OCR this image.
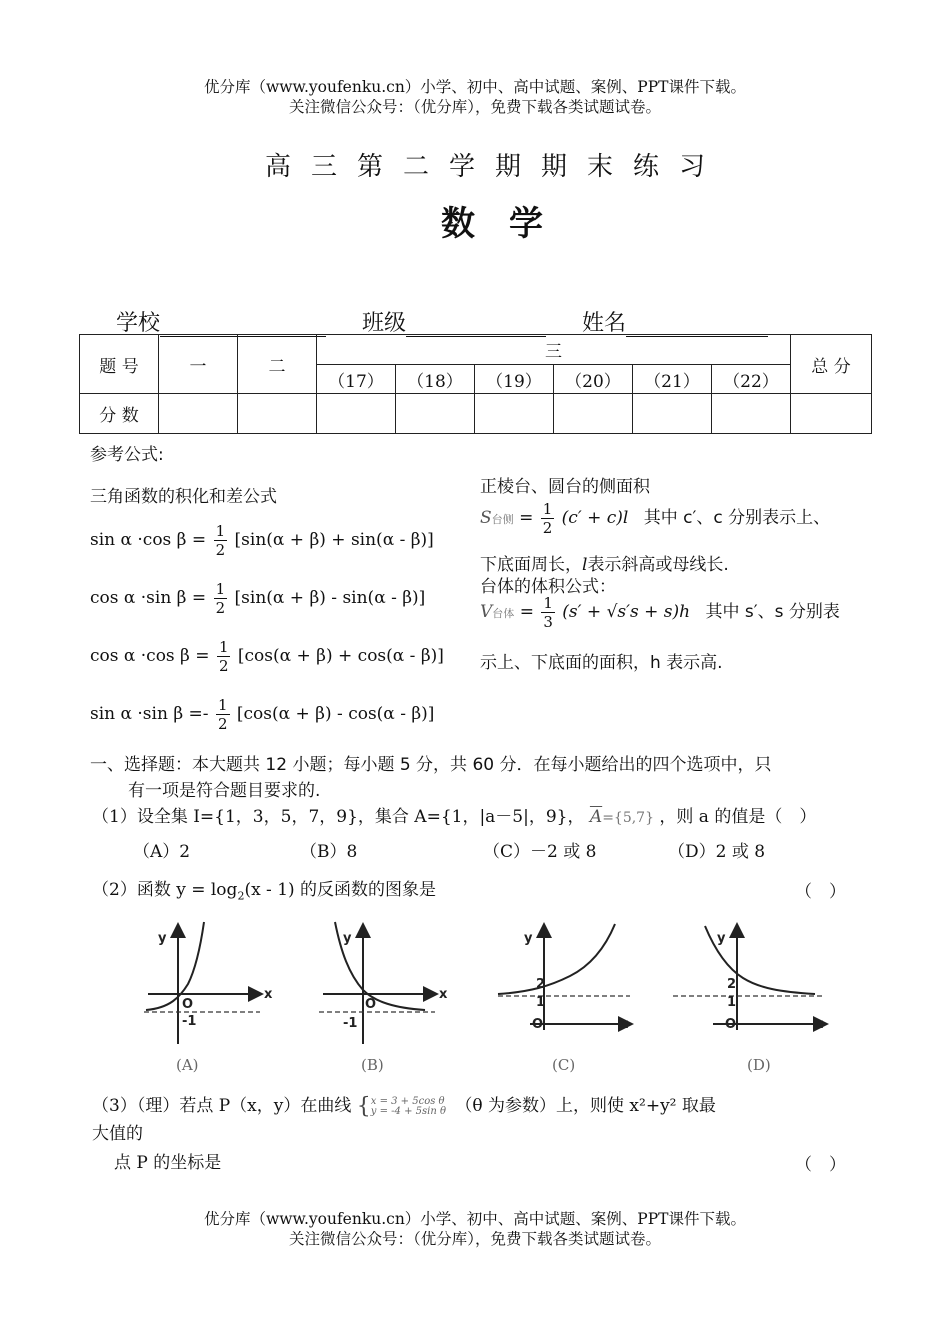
优分库（www.youfenku.cn）小学、初中、高中试题、案例、PPT课件下载。
关注微信公众号：（优分库），免费下载各类试题试卷。
高三第二学期期末练习
数学
学校	班级	姓名
题 号	一	二	三						总 分
			（17）	（18）	（19）	（20）	（21）	（22）	
分 数									
参考公式:
三角函数的积化和差公式
sin α ·cos $\beta = \frac{1}{2} [\sin(\alpha + \beta) + \sin(\alpha - \beta)]$
cos α ·sin $\beta = \frac{1}{2} [\sin(\alpha + \beta) - \sin(\alpha - \beta)]$
cos α ·cos $\beta = \frac{1}{2} [\cos(\alpha + \beta) + \cos(\alpha - \beta)]$
sin α ·sin $\beta =- \frac{1}{2} [\cos(\alpha + \beta) - \cos(\alpha - \beta)]$
正棱台、圆台的侧面积
S台侧 = $\frac{1}{2} (c' + c)l$ 其中 c′、c 分别表示上、
下底面周长，l表示斜高或母线长.
台体的体积公式：
V台体 = $\frac{1}{3} (s' + √s's + s)h$ 其中 s′、s 分别表
示上、下底面的面积，h 表示高.
一、选择题：本大题共 12 小题；每小题 5 分，共 60 分．在每小题给出的四个选项中，只
有一项是符合题目要求的.
（1）设全集 I={1，3，5，7，9}，集合 A={1，|a－5|，9}， $\overline{A}=\{5,7\}$ ，则 a 的值是（　）
（A）2	（B）8	（C）－2 或 8	（D）2 或 8
（2）函数 $y = \log_2(x - 1)$ 的反函数的图象是	（　）
y
x
O
-1
(A)
y
x
O
-1
(B)
y
x
O
1
2
(C)
y
x
O
1
2
(D)
（3）（理）若点 P（x，y）在曲线 { x = 3 + 5cos θ
y = -4 + 5sin θ （θ 为参数）上，则使 x²+y² 取最
大值的
点 P 的坐标是	（　）
优分库（www.youfenku.cn）小学、初中、高中试题、案例、PPT课件下载。
关注微信公众号：（优分库），免费下载各类试题试卷。
